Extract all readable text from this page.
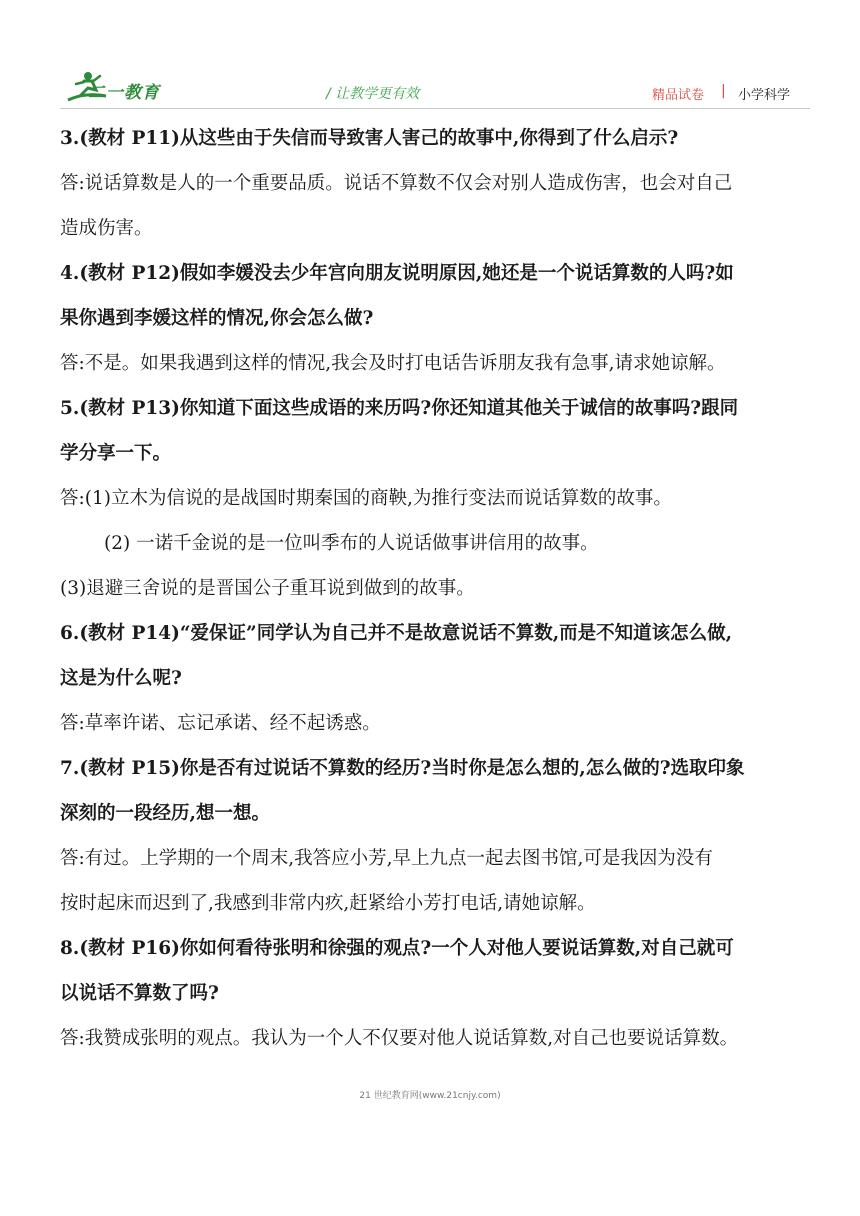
二一教育	/ 让教学更有效	精品试卷 | 小学科学
3.(教材 P11)从这些由于失信而导致害人害己的故事中,你得到了什么启示?
答:说话算数是人的一个重要品质。说话不算数不仅会对别人造成伤害，也会对自己
造成伤害。
4.(教材 P12)假如李媛没去少年宫向朋友说明原因,她还是一个说话算数的人吗?如
果你遇到李媛这样的情况,你会怎么做?
答:不是。如果我遇到这样的情况,我会及时打电话告诉朋友我有急事,请求她谅解。
5.(教材 P13)你知道下面这些成语的来历吗?你还知道其他关于诚信的故事吗?跟同
学分享一下。
答:(1)立木为信说的是战国时期秦国的商鞅,为推行变法而说话算数的故事。
(2) 一诺千金说的是一位叫季布的人说话做事讲信用的故事。
(3)退避三舍说的是晋国公子重耳说到做到的故事。
6.(教材 P14)“爱保证”同学认为自己并不是故意说话不算数,而是不知道该怎么做,
这是为什么呢?
答:草率许诺、忘记承诺、经不起诱惑。
7.(教材 P15)你是否有过说话不算数的经历?当时你是怎么想的,怎么做的?选取印象
深刻的一段经历,想一想。
答:有过。上学期的一个周末,我答应小芳,早上九点一起去图书馆,可是我因为没有
按时起床而迟到了,我感到非常内疚,赶紧给小芳打电话,请她谅解。
8.(教材 P16)你如何看待张明和徐强的观点?一个人对他人要说话算数,对自己就可
以说话不算数了吗?
答:我赞成张明的观点。我认为一个人不仅要对他人说话算数,对自己也要说话算数。
21 世纪教育网(www.21cnjy.com)
